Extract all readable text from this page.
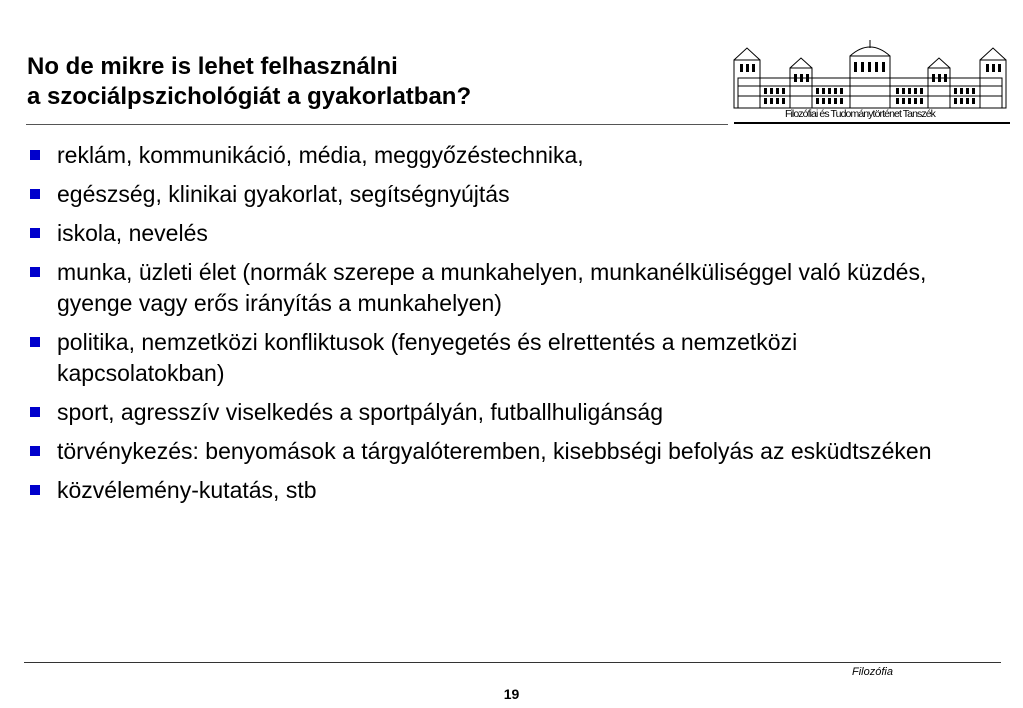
No de mikre is lehet felhasználni
a szociálpszichológiát a gyakorlatban?
Filozófiai és Tudománytörténet Tanszék
reklám, kommunikáció, média, meggyőzéstechnika,
egészség, klinikai gyakorlat, segítségnyújtás
iskola, nevelés
munka, üzleti élet (normák szerepe a munkahelyen, munkanélküliséggel való küzdés, gyenge vagy erős irányítás a munkahelyen)
politika, nemzetközi konfliktusok (fenyegetés és elrettentés a nemzetközi kapcsolatokban)
sport, agresszív viselkedés a sportpályán, futballhuligánság
törvénykezés: benyomások a tárgyalóteremben, kisebbségi befolyás az esküdtszéken
közvélemény-kutatás, stb
Filozófia
19
